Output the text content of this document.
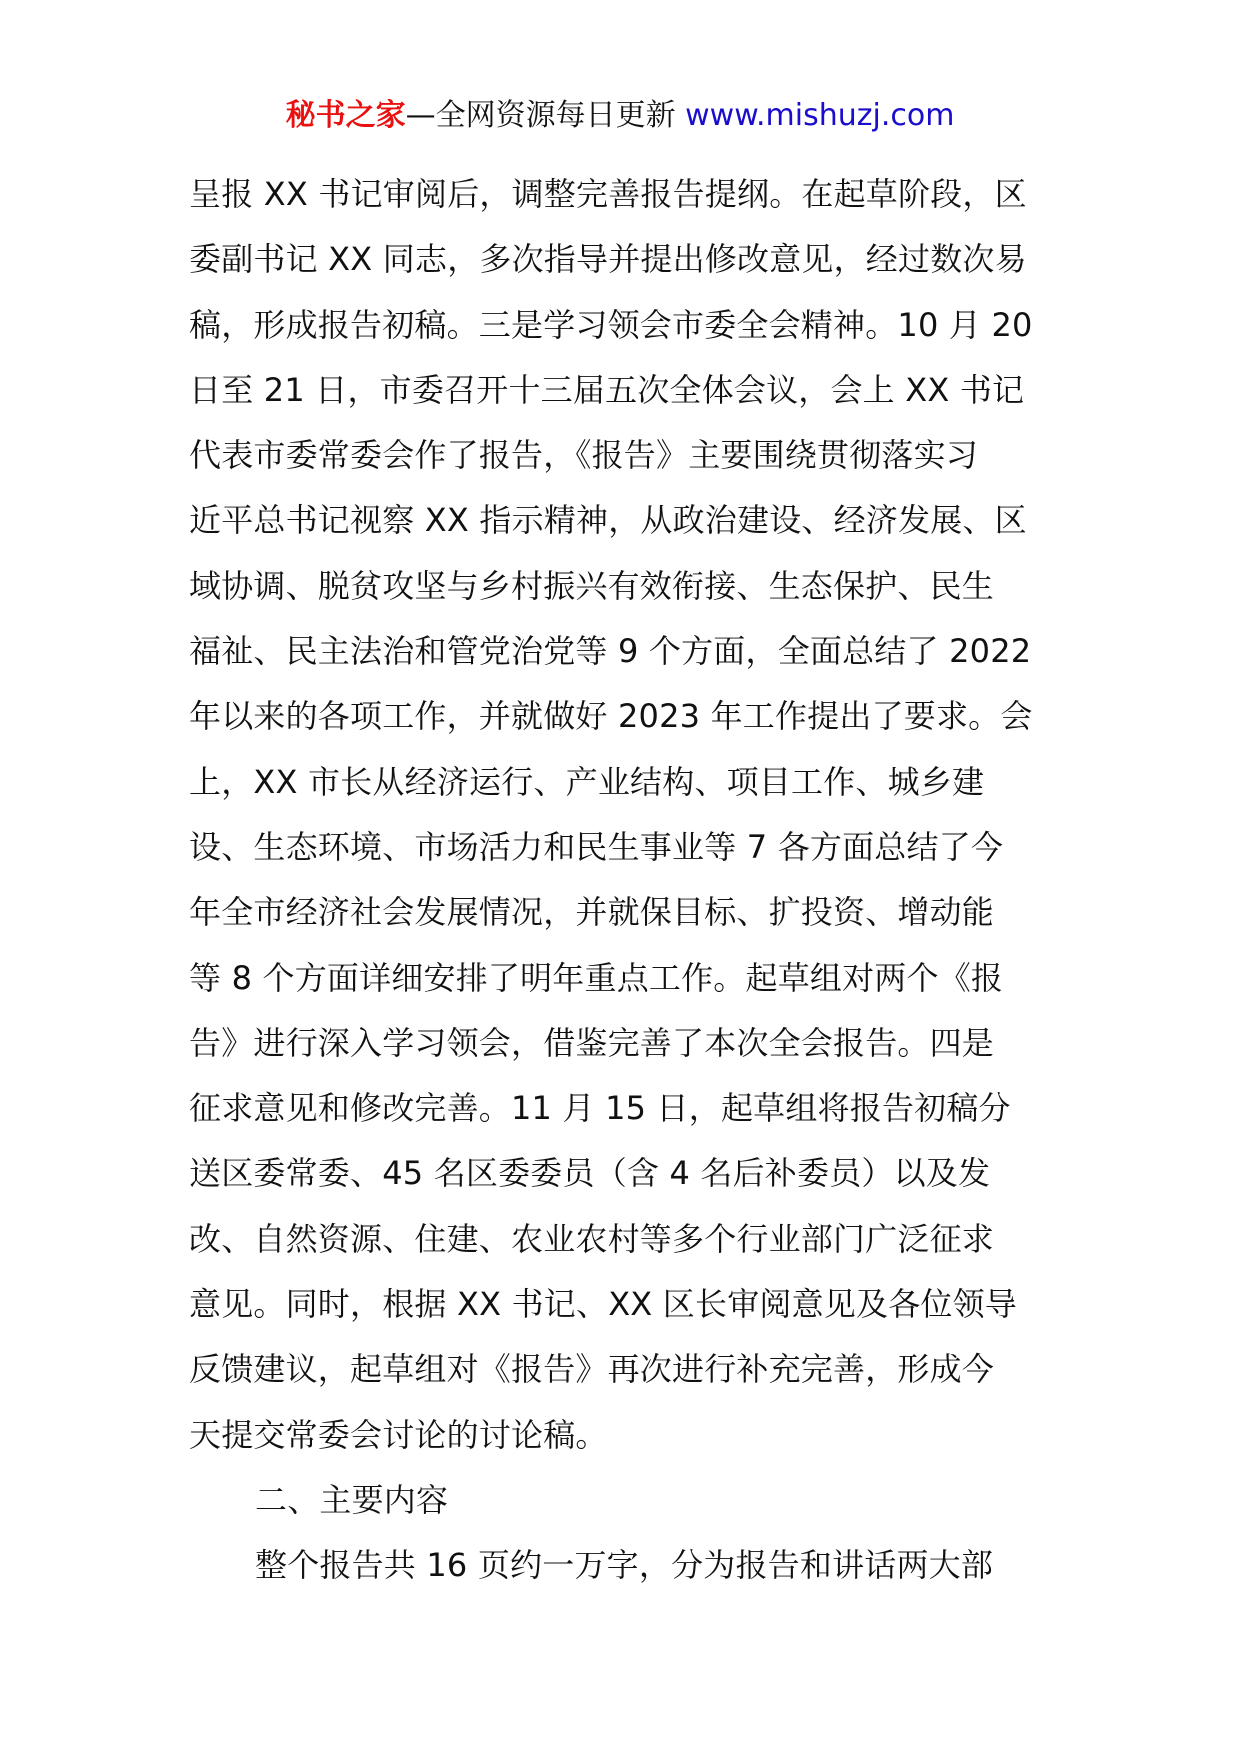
秘书之家—全网资源每日更新 www.mishuzj.com
呈报 XX 书记审阅后，调整完善报告提纲。在起草阶段，区
委副书记 XX 同志，多次指导并提出修改意见，经过数次易
稿，形成报告初稿。三是学习领会市委全会精神。10 月 20
日至 21 日，市委召开十三届五次全体会议，会上 XX 书记
代表市委常委会作了报告，《报告》主要围绕贯彻落实习
近平总书记视察 XX 指示精神，从政治建设、经济发展、区
域协调、脱贫攻坚与乡村振兴有效衔接、生态保护、民生
福祉、民主法治和管党治党等 9 个方面，全面总结了 2022
年以来的各项工作，并就做好 2023 年工作提出了要求。会
上，XX 市长从经济运行、产业结构、项目工作、城乡建
设、生态环境、市场活力和民生事业等 7 各方面总结了今
年全市经济社会发展情况，并就保目标、扩投资、增动能
等 8 个方面详细安排了明年重点工作。起草组对两个《报
告》进行深入学习领会，借鉴完善了本次全会报告。四是
征求意见和修改完善。11 月 15 日，起草组将报告初稿分
送区委常委、45 名区委委员（含 4 名后补委员）以及发
改、自然资源、住建、农业农村等多个行业部门广泛征求
意见。同时，根据 XX 书记、XX 区长审阅意见及各位领导
反馈建议，起草组对《报告》再次进行补充完善，形成今
天提交常委会讨论的讨论稿。
二、主要内容
整个报告共 16 页约一万字，分为报告和讲话两大部
